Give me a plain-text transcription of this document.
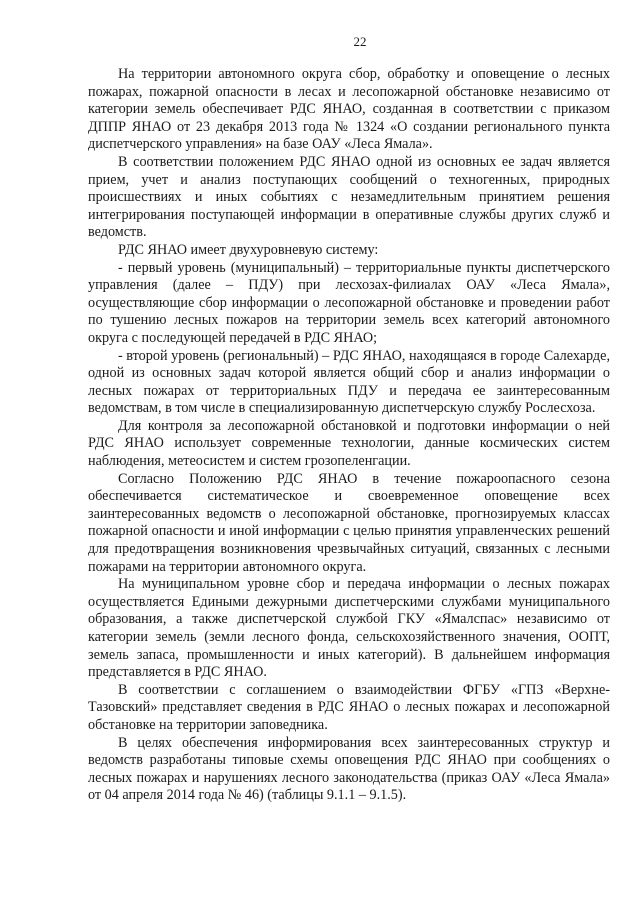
22

На территории автономного округа сбор, обработку и оповещение о лесных пожарах, пожарной опасности в лесах и лесопожарной обстановке независимо от категории земель обеспечивает РДС ЯНАО, созданная в соответствии с приказом ДППР ЯНАО от 23 декабря 2013 года № 1324 «О создании регионального пункта диспетчерского управления» на базе ОАУ «Леса Ямала».

В соответствии положением РДС ЯНАО одной из основных ее задач является прием, учет и анализ поступающих сообщений о техногенных, природных происшествиях и иных событиях с незамедлительным принятием решения интегрирования поступающей информации в оперативные службы других служб и ведомств.

РДС ЯНАО имеет двухуровневую систему:

- первый уровень (муниципальный) – территориальные пункты диспетчерского управления (далее – ПДУ) при лесхозах-филиалах ОАУ «Леса Ямала», осуществляющие сбор информации о лесопожарной обстановке и проведении работ по тушению лесных пожаров на территории земель всех категорий автономного округа с последующей передачей в РДС ЯНАО;

- второй уровень (региональный) – РДС ЯНАО, находящаяся в городе Салехарде, одной из основных задач которой является общий сбор и анализ информации о лесных пожарах от территориальных ПДУ и передача ее заинтересованным ведомствам, в том числе в специализированную диспетчерскую службу Рослесхоза.

Для контроля за лесопожарной обстановкой и подготовки информации о ней РДС ЯНАО использует современные технологии, данные космических систем наблюдения, метеосистем и систем грозопеленгации.

Согласно Положению РДС ЯНАО в течение пожароопасного сезона обеспечивается систематическое и своевременное оповещение всех заинтересованных ведомств о лесопожарной обстановке, прогнозируемых классах пожарной опасности и иной информации с целью принятия управленческих решений для предотвращения возникновения чрезвычайных ситуаций, связанных с лесными пожарами на территории автономного округа.

На муниципальном уровне сбор и передача информации о лесных пожарах осуществляется Едиными дежурными диспетчерскими службами муниципального образования, а также диспетчерской службой ГКУ «Ямалспас» независимо от категории земель (земли лесного фонда, сельскохозяйственного значения, ООПТ, земель запаса, промышленности и иных категорий). В дальнейшем информация представляется в РДС ЯНАО.

В соответствии с соглашением о взаимодействии ФГБУ «ГПЗ «Верхне-Тазовский» представляет сведения в РДС ЯНАО о лесных пожарах и лесопожарной обстановке на территории заповедника.

В целях обеспечения информирования всех заинтересованных структур и ведомств разработаны типовые схемы оповещения РДС ЯНАО при сообщениях о лесных пожарах и нарушениях лесного законодательства (приказ ОАУ «Леса Ямала» от 04 апреля 2014 года № 46) (таблицы 9.1.1 – 9.1.5).
